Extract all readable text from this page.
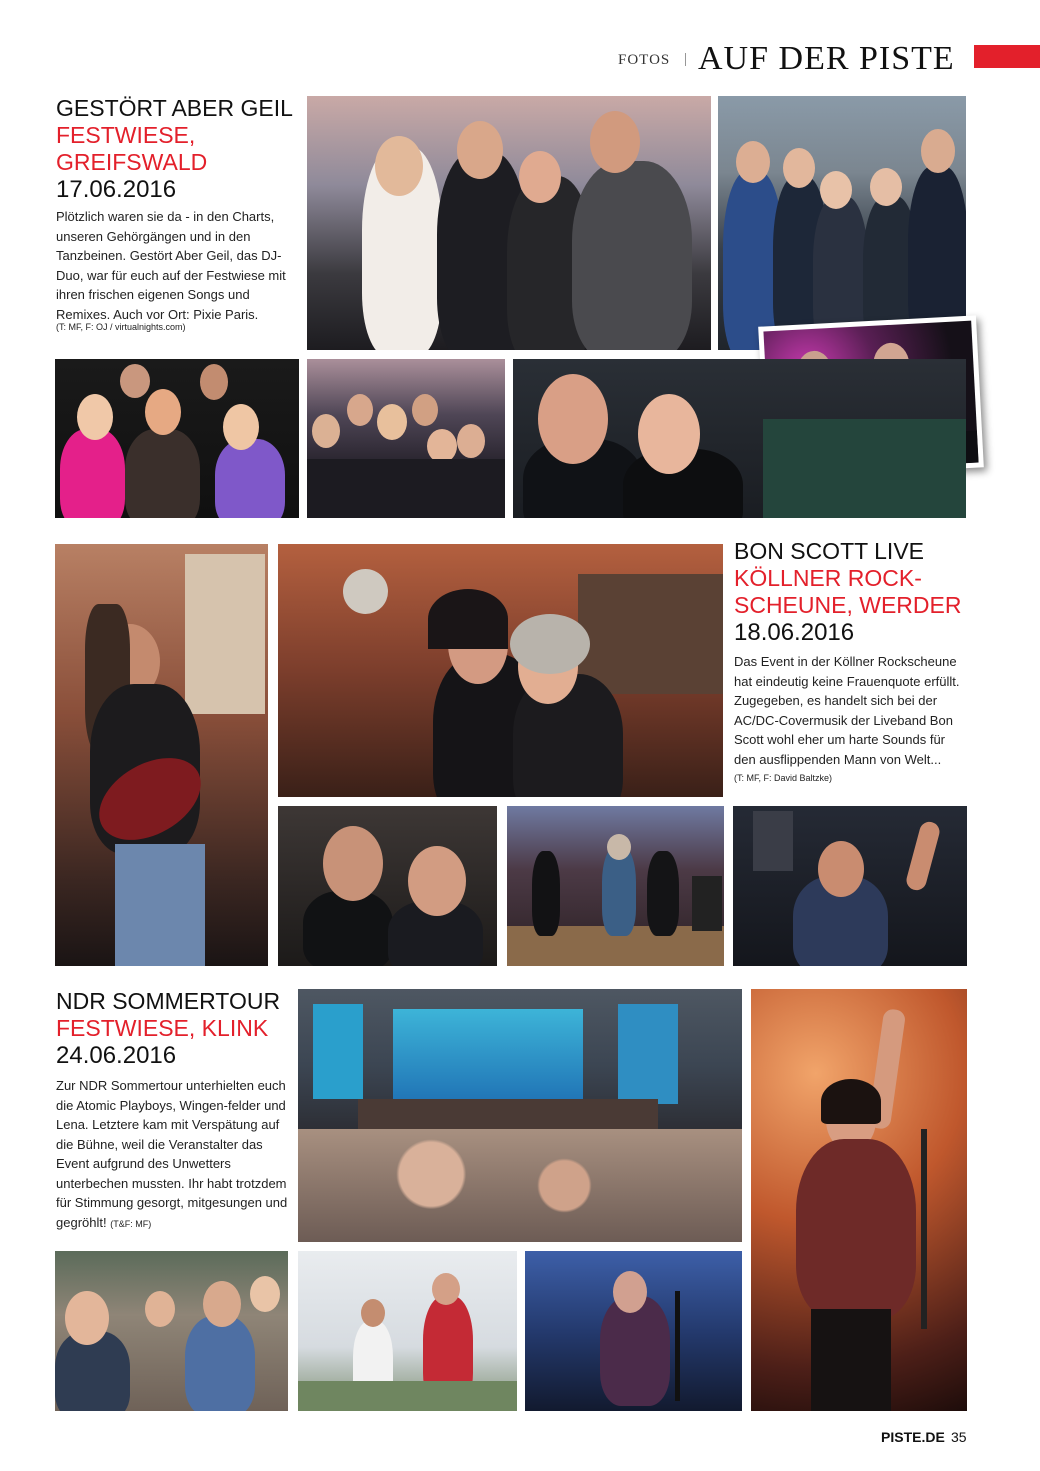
FOTOS | AUF DER PISTE
GESTÖRT ABER GEIL
FESTWIESE,
GREIFSWALD
17.06.2016
Plötzlich waren sie da - in den Charts, unseren Gehörgängen und in den Tanzbeinen. Gestört Aber Geil, das DJ-Duo, war für euch auf der Festwiese mit ihren frischen eigenen Songs und Remixes. Auch vor Ort: Pixie Paris.
(T: MF, F: OJ / virtualnights.com)
BON SCOTT LIVE
KÖLLNER ROCK-
SCHEUNE, WERDER
18.06.2016
Das Event in der Köllner Rockscheune hat eindeutig keine Frauenquote erfüllt. Zugegeben, es handelt sich bei der AC/DC-Covermusik der Liveband Bon Scott wohl eher um harte Sounds für den ausflippenden Mann von Welt...
(T: MF, F: David Baltzke)
NDR SOMMERTOUR
FESTWIESE, KLINK
24.06.2016
Zur NDR Sommertour unterhielten euch die Atomic Playboys, Wingen-felder und Lena. Letztere kam mit Verspätung auf die Bühne, weil die Veranstalter das Event aufgrund des Unwetters unterbechen mussten. Ihr habt trotzdem für Stimmung gesorgt, mitgesungen und gegröhlt! (T&F: MF)
PISTE.DE 35
